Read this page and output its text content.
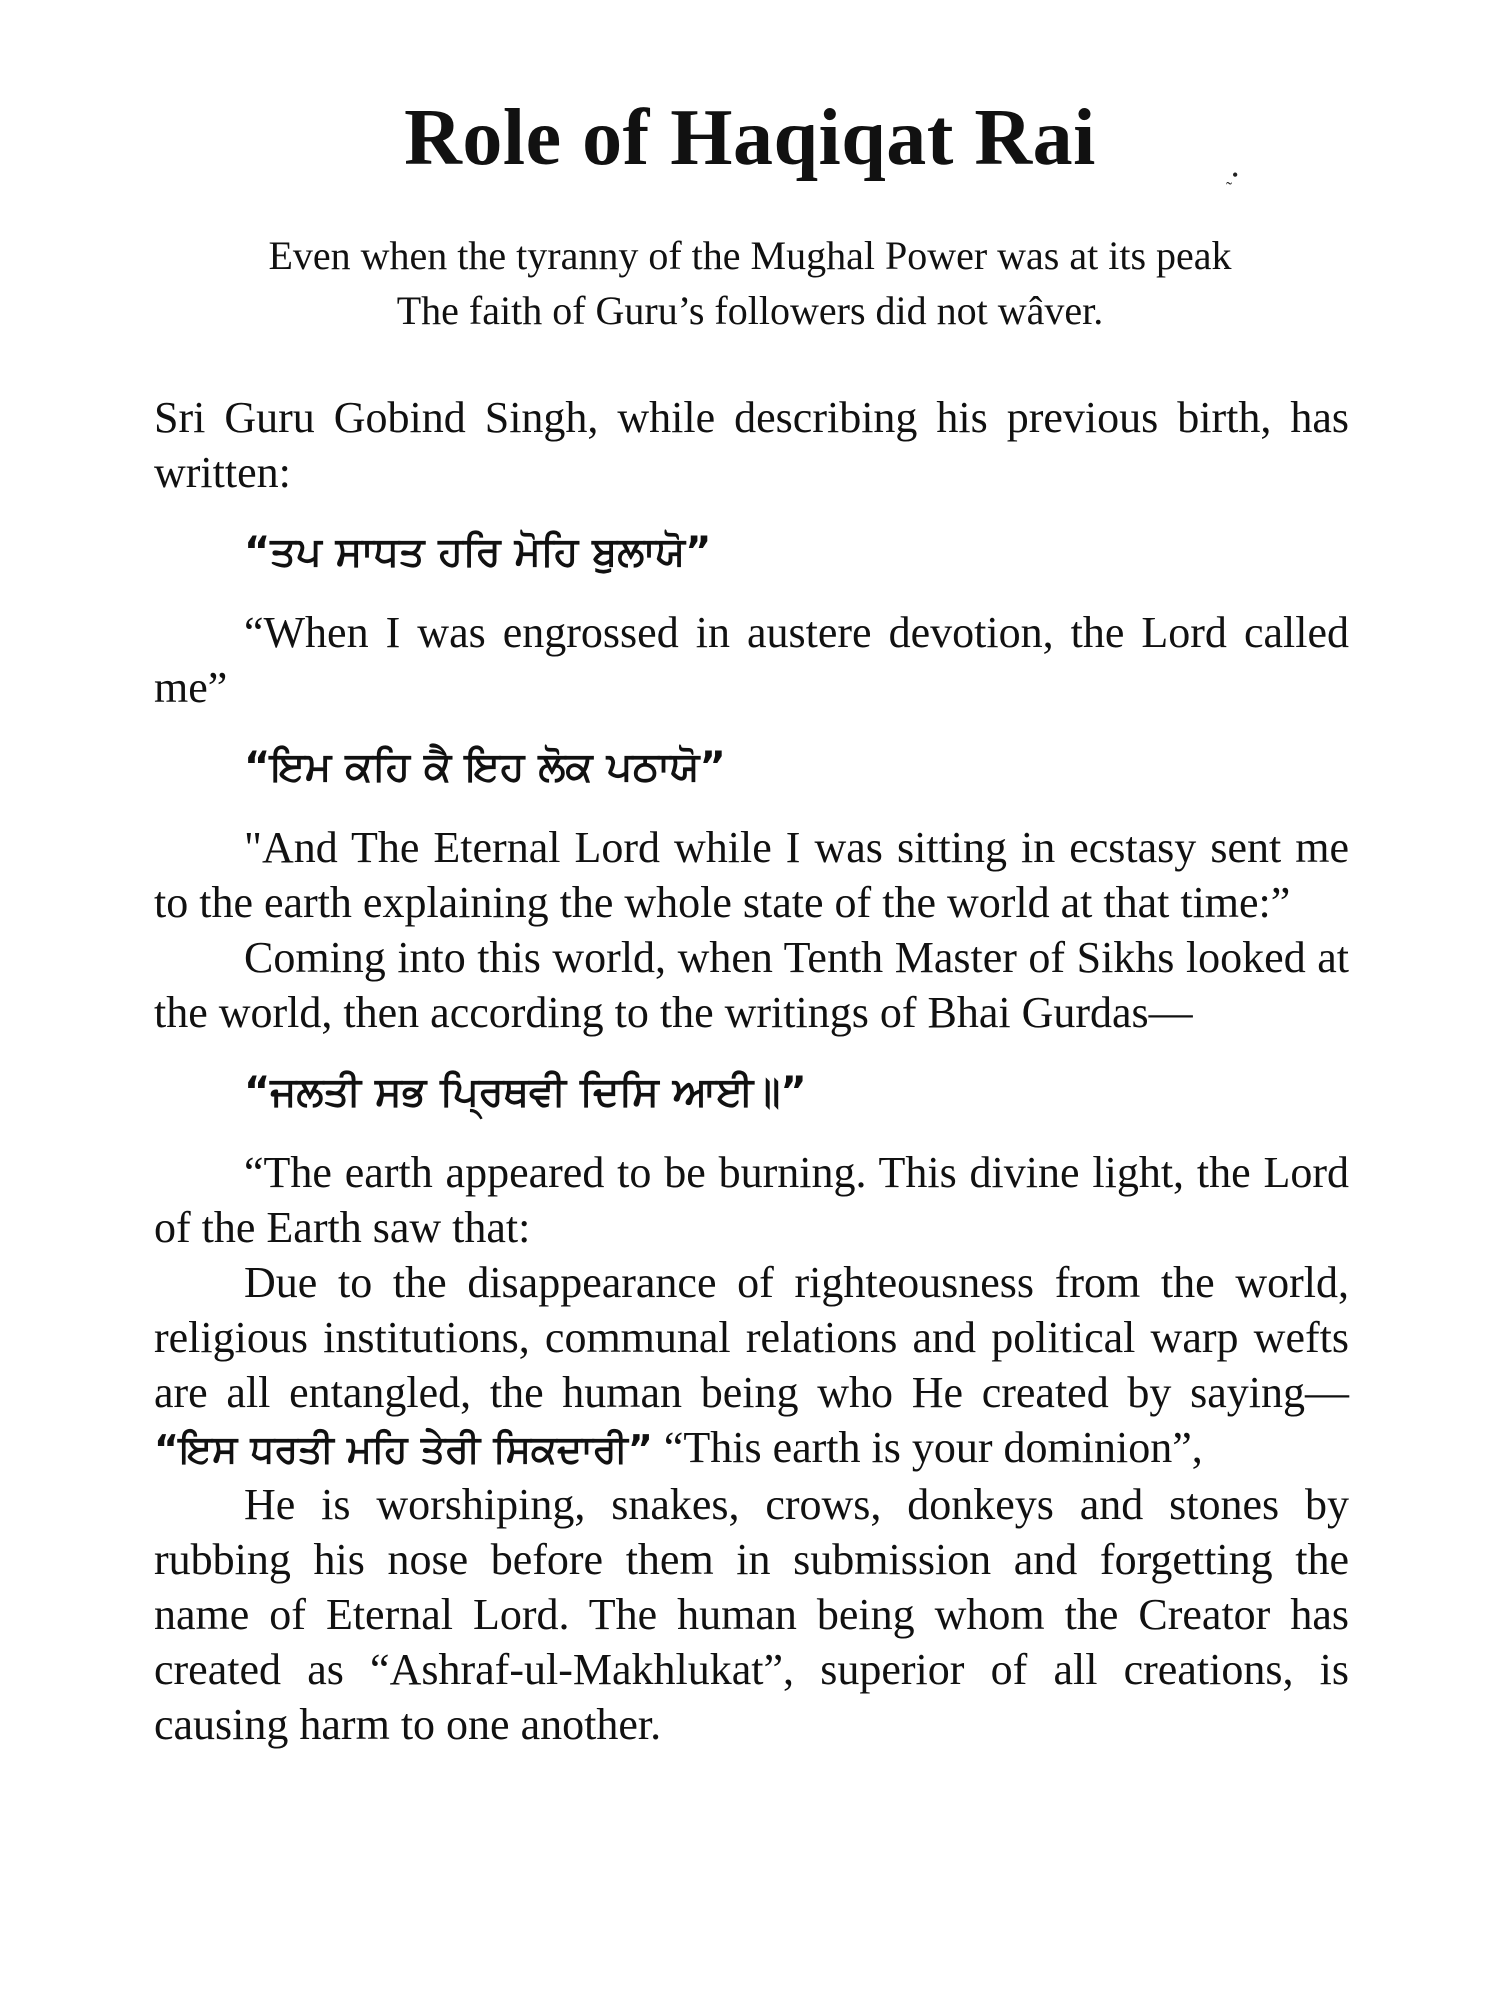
Role of Haqiqat Rai	˷•
Even when the tyranny of the Mughal Power was at its peak
The faith of Guru’s followers did not wâver.

Sri Guru Gobind Singh, while describing his previous birth, has written:

“ਤਪ ਸਾਧਤ ਹਰਿ ਮੋਹਿ ਬੁਲਾਯੋ”

“When I was engrossed in austere devotion, the Lord called me”

“ਇਮ ਕਹਿ ਕੈ ਇਹ ਲੋਕ ਪਠਾਯੋ”

"And The Eternal Lord while I was sitting in ecstasy sent me to the earth explaining the whole state of the world at that time:”

Coming into this world, when Tenth Master of Sikhs looked at the world, then according to the writings of Bhai Gurdas—

“ਜਲਤੀ ਸਭ ਪ੍ਰਿਥਵੀ ਦਿਸਿ ਆਈ॥”

“The earth appeared to be burning. This divine light, the Lord of the Earth saw that:

Due to the disappearance of righteousness from the world, religious institutions, communal relations and political warp wefts are all entangled, the human being who He created by saying— “ਇਸ ਧਰਤੀ ਮਹਿ ਤੇਰੀ ਸਿਕਦਾਰੀ” “This earth is your dominion”,

He is worshiping, snakes, crows, donkeys and stones by rubbing his nose before them in submission and forgetting the name of Eternal Lord. The human being whom the Creator has created as “Ashraf-ul-Makhlukat”, superior of all creations, is causing harm to one another.
